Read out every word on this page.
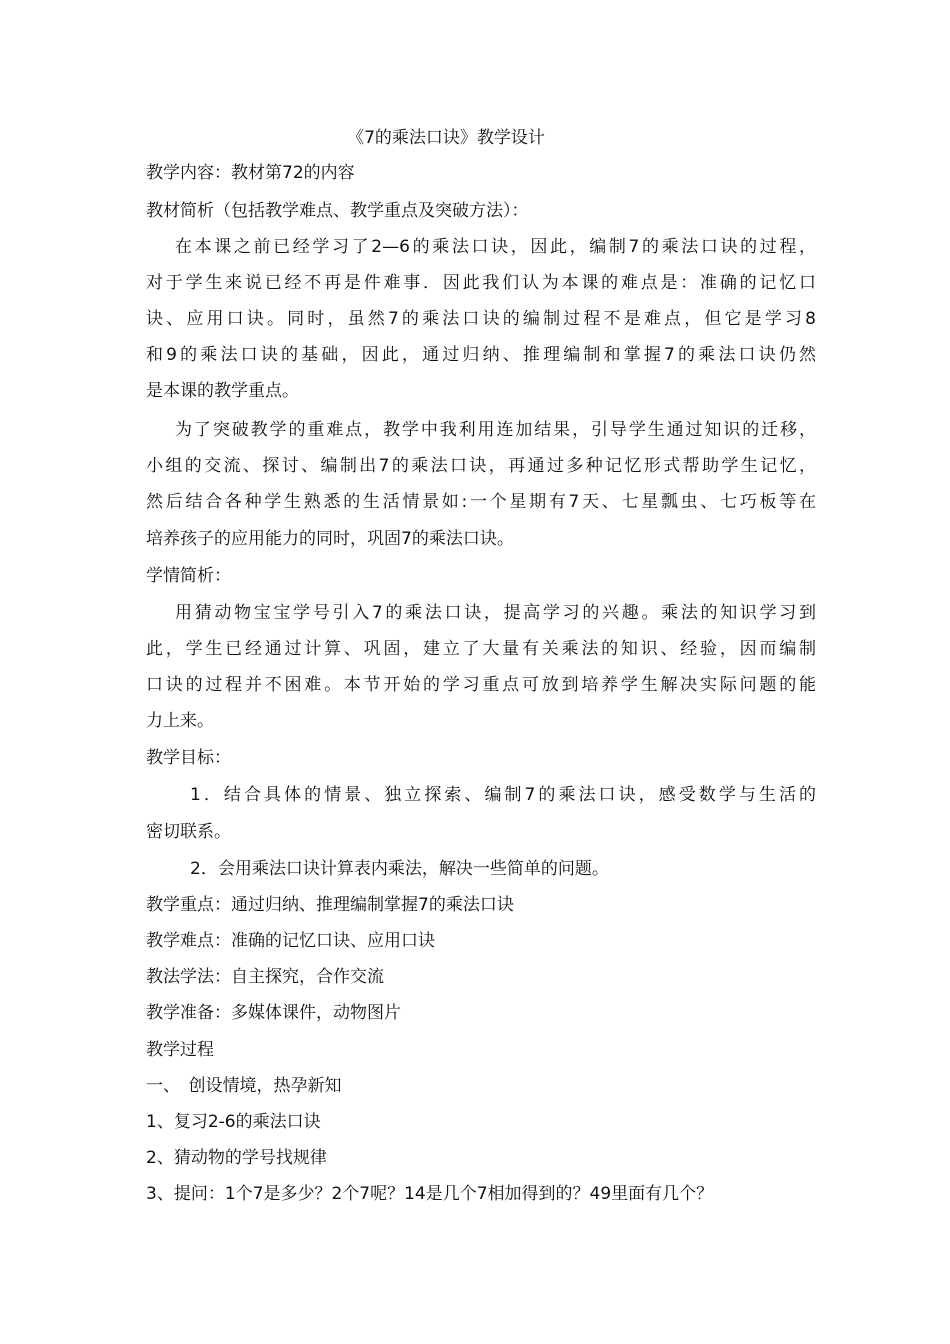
《7的乘法口诀》教学设计
教学内容：教材第72的内容
教材简析（包括教学难点、教学重点及突破方法）：
在本课之前已经学习了2—6的乘法口诀，因此，编制7的乘法口诀的过程，
对于学生来说已经不再是件难事．因此我们认为本课的难点是：准确的记忆口
诀、应用口诀。同时，虽然7的乘法口诀的编制过程不是难点，但它是学习8
和9的乘法口诀的基础，因此，通过归纳、推理编制和掌握7的乘法口诀仍然
是本课的教学重点。
为了突破教学的重难点，教学中我利用连加结果，引导学生通过知识的迁移，
小组的交流、探讨、编制出7的乘法口诀，再通过多种记忆形式帮助学生记忆，
然后结合各种学生熟悉的生活情景如:一个星期有7天、七星瓢虫、七巧板等在
培养孩子的应用能力的同时，巩固7的乘法口诀。
学情简析：
用猜动物宝宝学号引入7的乘法口诀，提高学习的兴趣。乘法的知识学习到
此，学生已经通过计算、巩固，建立了大量有关乘法的知识、经验，因而编制
口诀的过程并不困难。本节开始的学习重点可放到培养学生解决实际问题的能
力上来。
教学目标：
1．结合具体的情景、独立探索、编制7的乘法口诀，感受数学与生活的
密切联系。
2．会用乘法口诀计算表内乘法，解决一些简单的问题。
教学重点：通过归纳、推理编制掌握7的乘法口诀
教学难点：准确的记忆口诀、应用口诀
教法学法：自主探究，合作交流
教学准备：多媒体课件，动物图片
教学过程
一、　创设情境，热孕新知
1、复习2-6的乘法口诀
2、猜动物的学号找规律
3、提问：1个7是多少？2个7呢？14是几个7相加得到的？49里面有几个？
